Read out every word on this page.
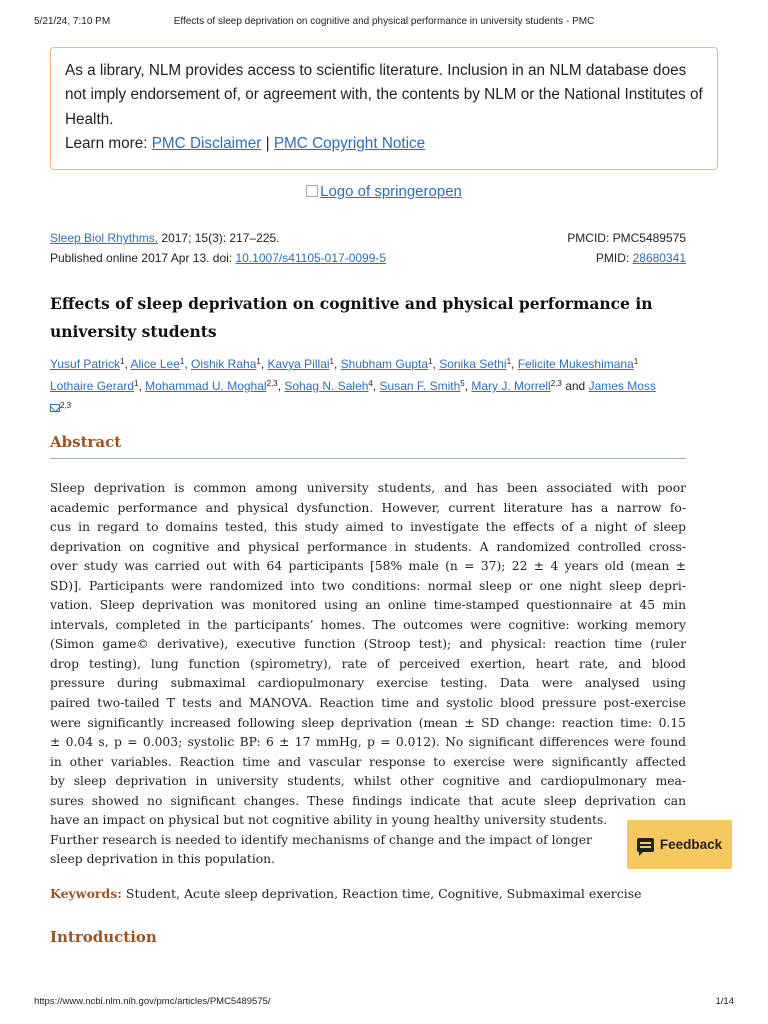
5/21/24, 7:10 PM	Effects of sleep deprivation on cognitive and physical performance in university students - PMC
As a library, NLM provides access to scientific literature. Inclusion in an NLM database does not imply endorsement of, or agreement with, the contents by NLM or the National Institutes of Health.
Learn more: PMC Disclaimer | PMC Copyright Notice
Logo of springeropen
Sleep Biol Rhythms. 2017; 15(3): 217–225.	PMCID: PMC5489575
Published online 2017 Apr 13. doi: 10.1007/s41105-017-0099-5	PMID: 28680341
Effects of sleep deprivation on cognitive and physical performance in university students
Yusuf Patrick$^1$, Alice Lee$^1$, Oishik Raha$^1$, Kavya Pillai$^1$, Shubham Gupta$^1$, Sonika Sethi$^1$, Felicite Mukeshimana$^1$
Lothaire Gerard$^1$, Mohammad U. Moghal$^{2,3}$, Sohag N. Saleh$^4$, Susan F. Smith$^5$, Mary J. Morrell$^{2,3}$ and James Moss
$^{2,3}$
Abstract
Sleep deprivation is common among university students, and has been associated with poor
academic performance and physical dysfunction. However, current literature has a narrow fo-
cus in regard to domains tested, this study aimed to investigate the effects of a night of sleep
deprivation on cognitive and physical performance in students. A randomized controlled cross-
over study was carried out with 64 participants [58% male (n = 37); 22 ± 4 years old (mean ±
SD)]. Participants were randomized into two conditions: normal sleep or one night sleep depri-
vation. Sleep deprivation was monitored using an online time-stamped questionnaire at 45 min
intervals, completed in the participants’ homes. The outcomes were cognitive: working memory
(Simon game© derivative), executive function (Stroop test); and physical: reaction time (ruler
drop testing), lung function (spirometry), rate of perceived exertion, heart rate, and blood
pressure during submaximal cardiopulmonary exercise testing. Data were analysed using
paired two-tailed T tests and MANOVA. Reaction time and systolic blood pressure post-exercise
were significantly increased following sleep deprivation (mean ± SD change: reaction time: 0.15
± 0.04 s, p = 0.003; systolic BP: 6 ± 17 mmHg, p = 0.012). No significant differences were found
in other variables. Reaction time and vascular response to exercise were significantly affected
by sleep deprivation in university students, whilst other cognitive and cardiopulmonary mea-
sures showed no significant changes. These findings indicate that acute sleep deprivation can
have an impact on physical but not cognitive ability in young healthy university students.
Further research is needed to identify mechanisms of change and the impact of longer
sleep deprivation in this population.
Keywords: Student, Acute sleep deprivation, Reaction time, Cognitive, Submaximal exercise
Introduction
Feedback
https://www.ncbi.nlm.nih.gov/pmc/articles/PMC5489575/	1/14
